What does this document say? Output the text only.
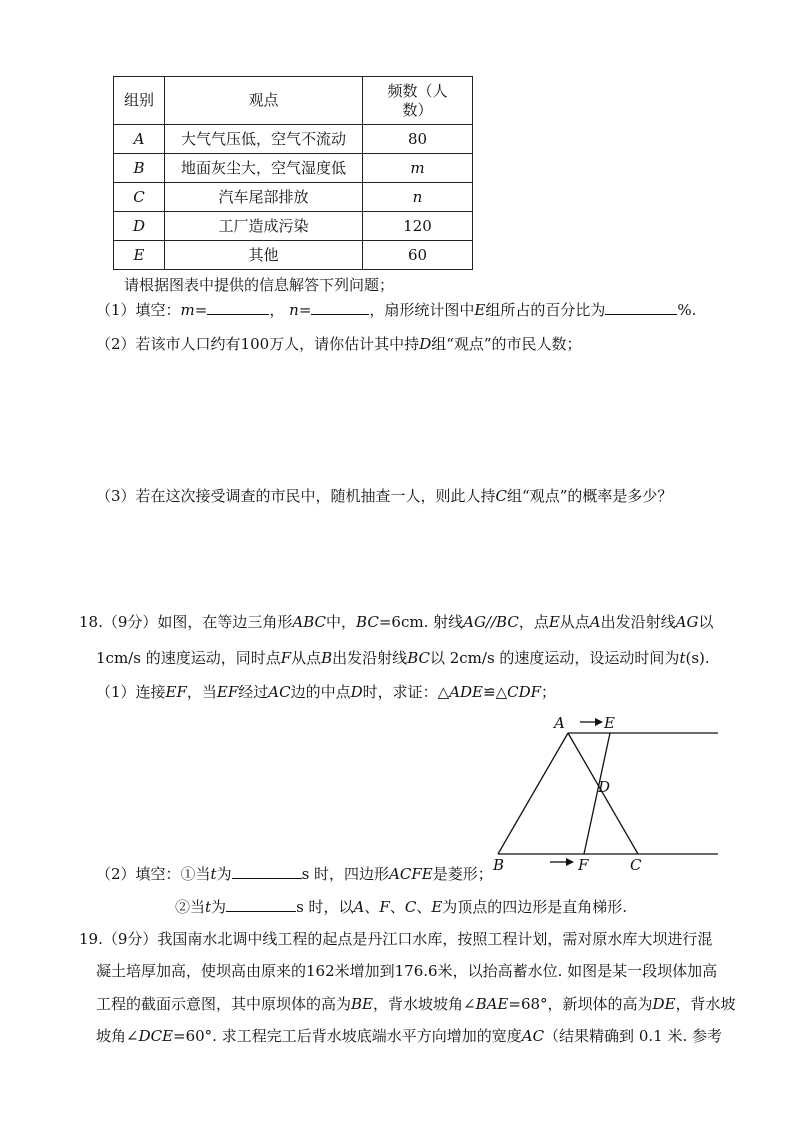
组别	观点	频数（人数）

A	大气气压低，空气不流动	80
B	地面灰尘大，空气湿度低	m
C	汽车尾部排放	n
D	工厂造成污染	120
E	其他	60
请根据图表中提供的信息解答下列问题；
（1）填空：m=	， n=	，扇形统计图中E组所占的百分比为	%.
（2）若该市人口约有100万人，请你估计其中持D组“观点”的市民人数；
（3）若在这次接受调查的市民中，随机抽查一人，则此人持C组“观点”的概率是多少？
18.（9分）如图，在等边三角形ABC中，BC=6cm. 射线AG//BC，点E从点A出发沿射线AG以
1cm/s 的速度运动，同时点F从点B出发沿射线BC以 2cm/s 的速度运动，设运动时间为t(s).
（1）连接EF，当EF经过AC边的中点D时，求证：△ADE≌△CDF；
A	E
D
B	F	C
（2）填空：①当t为	s 时，四边形ACFE是菱形；
②当t为	s 时，以A、F、C、E为顶点的四边形是直角梯形.
19.（9分）我国南水北调中线工程的起点是丹江口水库，按照工程计划，需对原水库大坝进行混
凝土培厚加高，使坝高由原来的162米增加到176.6米，以抬高蓄水位. 如图是某一段坝体加高
工程的截面示意图，其中原坝体的高为BE，背水坡坡角∠BAE=68°，新坝体的高为DE，背水坡
坡角∠DCE=60°. 求工程完工后背水坡底端水平方向增加的宽度AC（结果精确到 0.1 米. 参考
